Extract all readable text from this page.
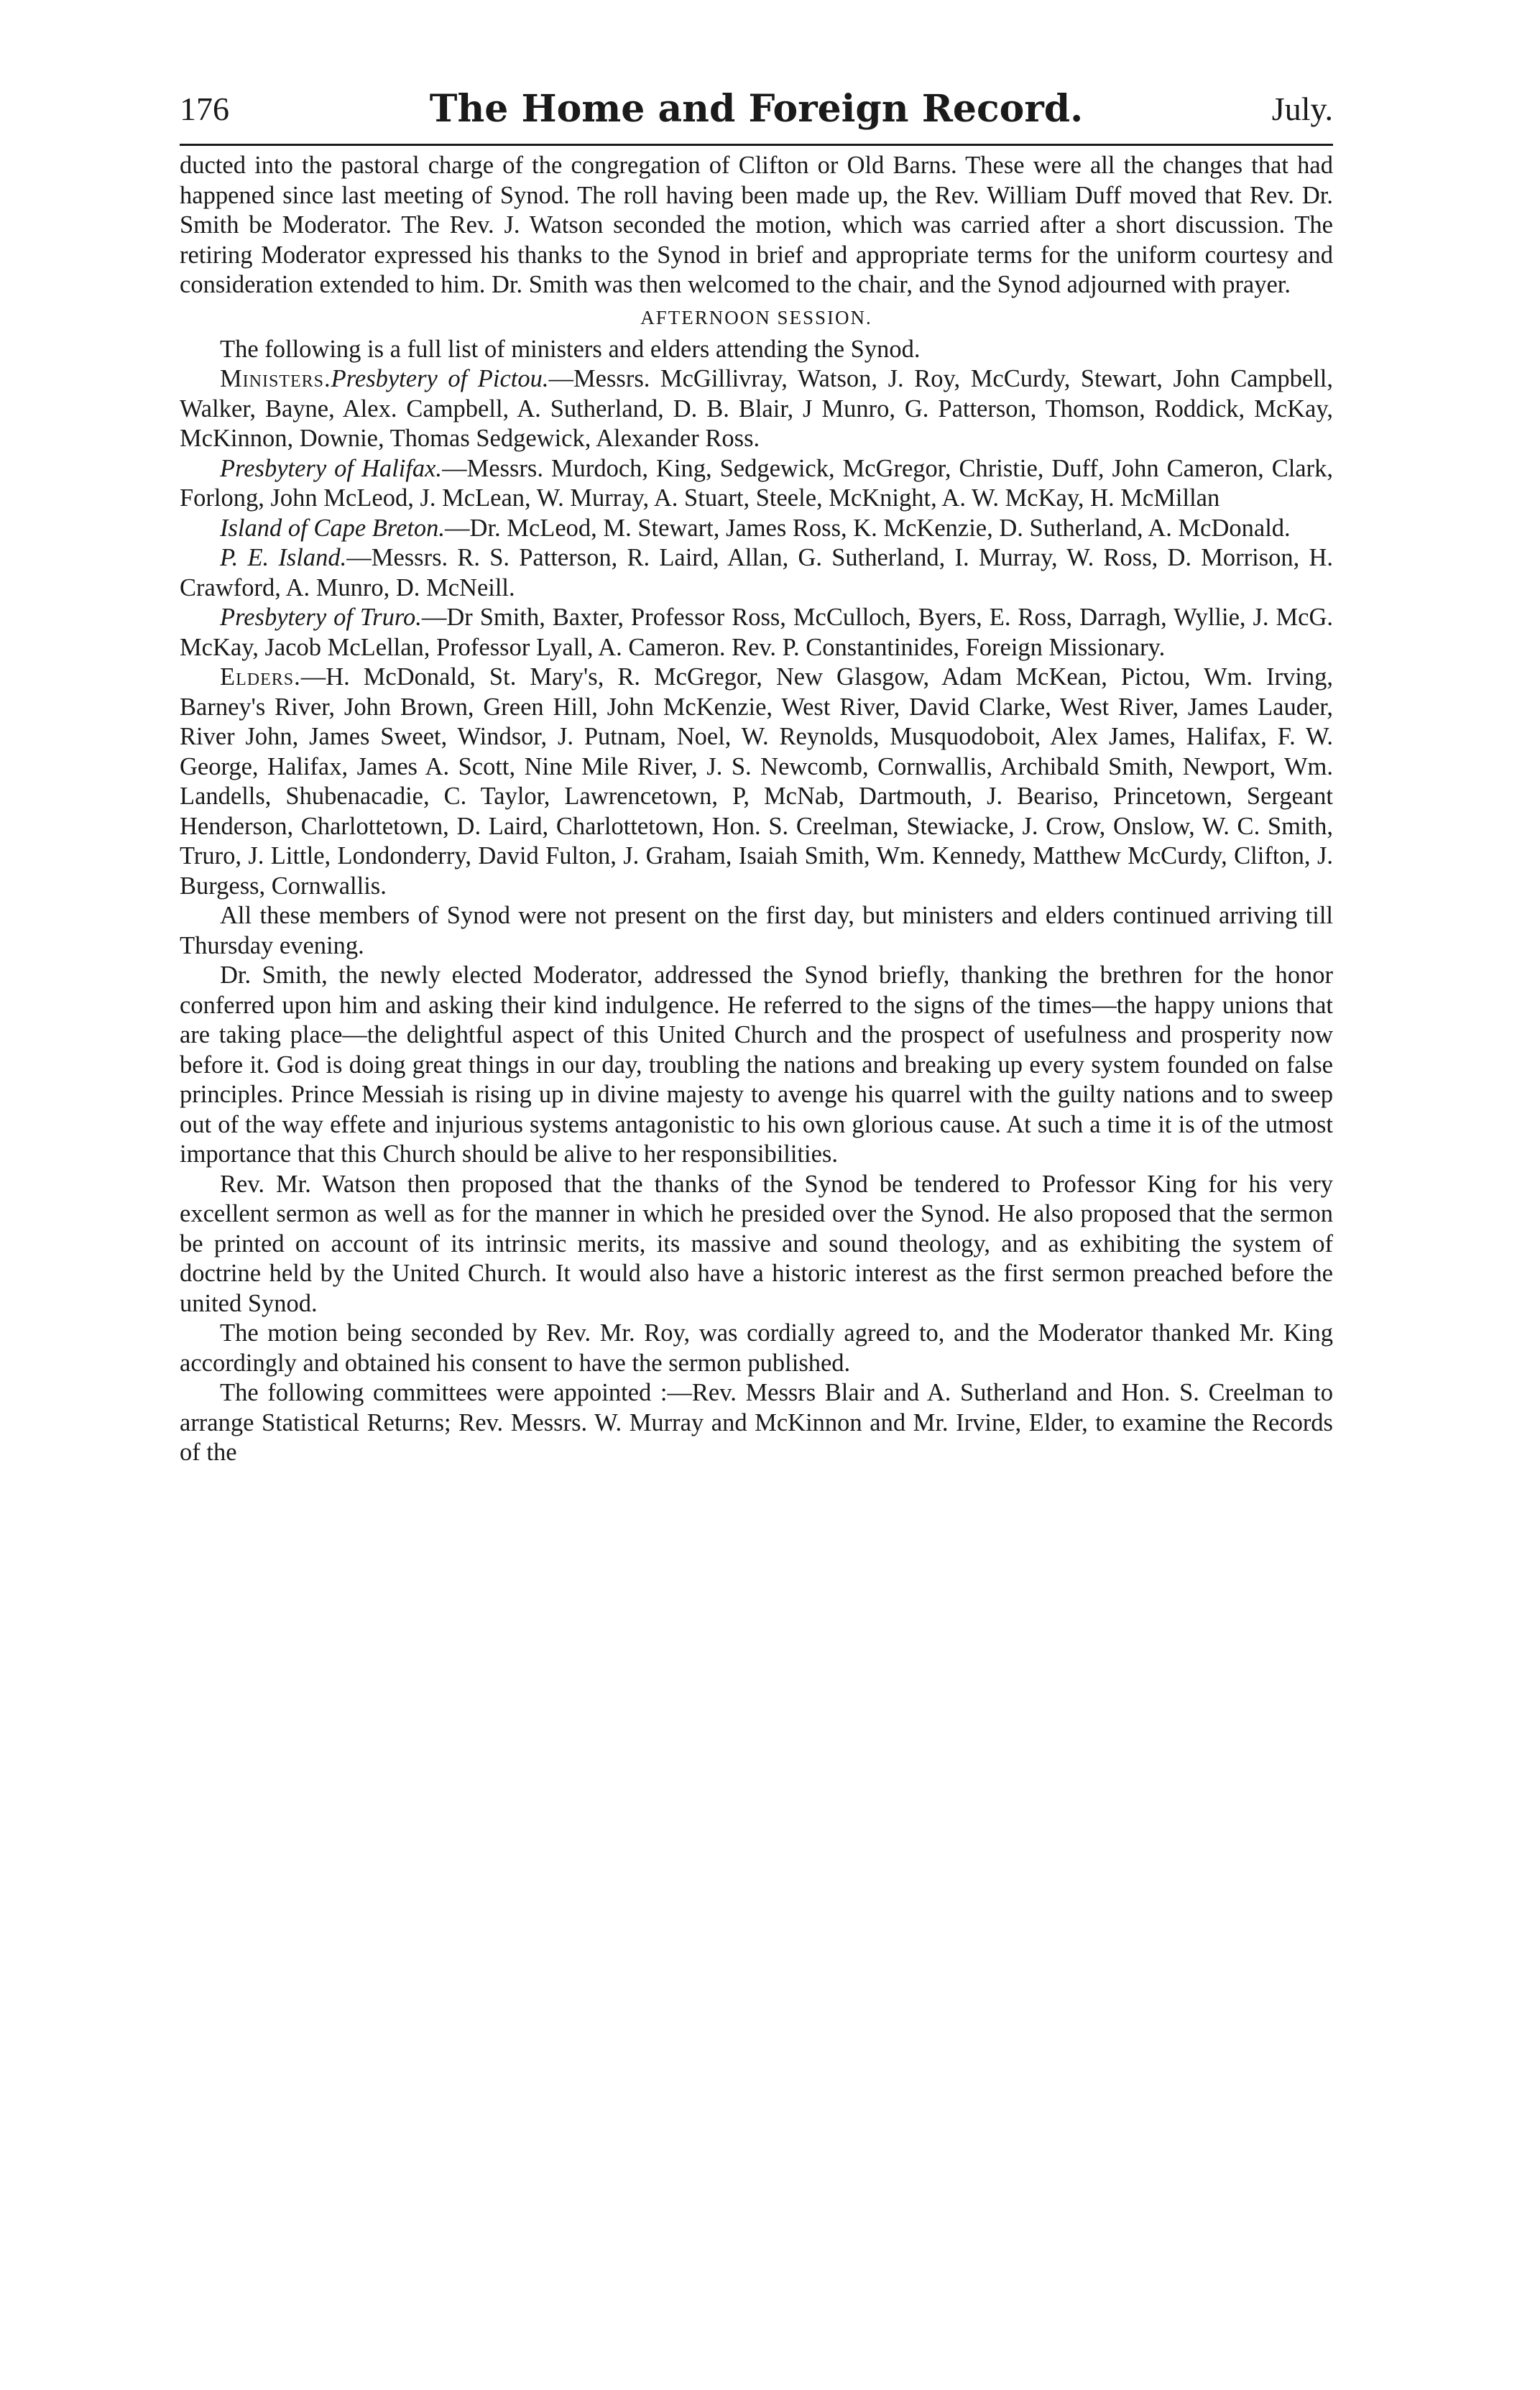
176	The Home and Foreign Record.	July.

ducted into the pastoral charge of the congregation of Clifton or Old Barns. These were all the changes that had happened since last meeting of Synod. The roll having been made up, the Rev. William Duff moved that Rev. Dr. Smith be Moderator. The Rev. J. Watson seconded the motion, which was carried after a short discussion. The retiring Moderator expressed his thanks to the Synod in brief and appropriate terms for the uniform courtesy and consideration extended to him. Dr. Smith was then welcomed to the chair, and the Synod adjourned with prayer.

AFTERNOON SESSION.

The following is a full list of ministers and elders attending the Synod.

Ministers.Presbytery of Pictou.—Messrs. McGillivray, Watson, J. Roy, McCurdy, Stewart, John Campbell, Walker, Bayne, Alex. Campbell, A. Sutherland, D. B. Blair, J Munro, G. Patterson, Thomson, Roddick, McKay, McKinnon, Downie, Thomas Sedgewick, Alexander Ross.

Presbytery of Halifax.—Messrs. Murdoch, King, Sedgewick, McGregor, Christie, Duff, John Cameron, Clark, Forlong, John McLeod, J. McLean, W. Murray, A. Stuart, Steele, McKnight, A. W. McKay, H. McMillan

Island of Cape Breton.—Dr. McLeod, M. Stewart, James Ross, K. McKenzie, D. Sutherland, A. McDonald.

P. E. Island.—Messrs. R. S. Patterson, R. Laird, Allan, G. Sutherland, I. Murray, W. Ross, D. Morrison, H. Crawford, A. Munro, D. McNeill.

Presbytery of Truro.—Dr Smith, Baxter, Professor Ross, McCulloch, Byers, E. Ross, Darragh, Wyllie, J. McG. McKay, Jacob McLellan, Professor Lyall, A. Cameron. Rev. P. Constantinides, Foreign Missionary.

Elders.—H. McDonald, St. Mary's, R. McGregor, New Glasgow, Adam McKean, Pictou, Wm. Irving, Barney's River, John Brown, Green Hill, John McKenzie, West River, David Clarke, West River, James Lauder, River John, James Sweet, Windsor, J. Putnam, Noel, W. Reynolds, Musquodoboit, Alex James, Halifax, F. W. George, Halifax, James A. Scott, Nine Mile River, J. S. Newcomb, Cornwallis, Archibald Smith, Newport, Wm. Landells, Shubenacadie, C. Taylor, Lawrencetown, P, McNab, Dartmouth, J. Beariso, Princetown, Sergeant Henderson, Charlottetown, D. Laird, Charlottetown, Hon. S. Creelman, Stewiacke, J. Crow, Onslow, W. C. Smith, Truro, J. Little, Londonderry, David Fulton, J. Graham, Isaiah Smith, Wm. Kennedy, Matthew McCurdy, Clifton, J. Burgess, Cornwallis.

All these members of Synod were not present on the first day, but ministers and elders continued arriving till Thursday evening.

Dr. Smith, the newly elected Moderator, addressed the Synod briefly, thanking the brethren for the honor conferred upon him and asking their kind indulgence. He referred to the signs of the times—the happy unions that are taking place—the delightful aspect of this United Church and the prospect of usefulness and prosperity now before it. God is doing great things in our day, troubling the nations and breaking up every system founded on false principles. Prince Messiah is rising up in divine majesty to avenge his quarrel with the guilty nations and to sweep out of the way effete and injurious systems antagonistic to his own glorious cause. At such a time it is of the utmost importance that this Church should be alive to her responsibilities.

Rev. Mr. Watson then proposed that the thanks of the Synod be tendered to Professor King for his very excellent sermon as well as for the manner in which he presided over the Synod. He also proposed that the sermon be printed on account of its intrinsic merits, its massive and sound theology, and as exhibiting the system of doctrine held by the United Church. It would also have a historic interest as the first sermon preached before the united Synod.

The motion being seconded by Rev. Mr. Roy, was cordially agreed to, and the Moderator thanked Mr. King accordingly and obtained his consent to have the sermon published.

The following committees were appointed :—Rev. Messrs Blair and A. Sutherland and Hon. S. Creelman to arrange Statistical Returns; Rev. Messrs. W. Murray and McKinnon and Mr. Irvine, Elder, to examine the Records of the
